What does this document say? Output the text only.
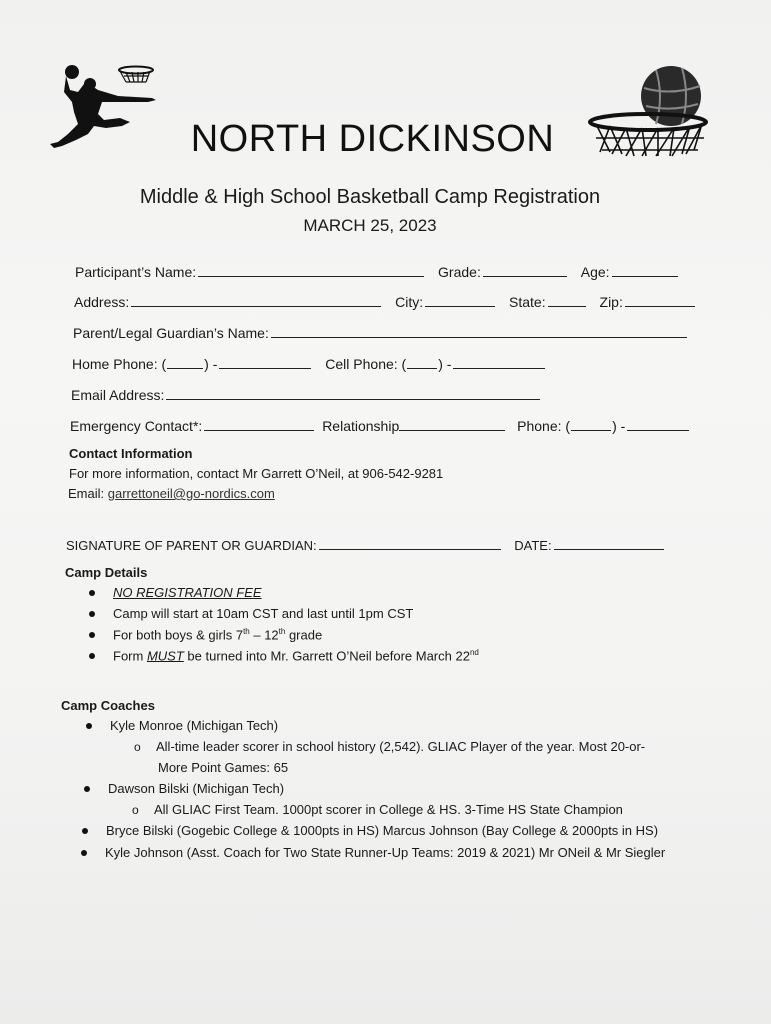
NORTH DICKINSON
Middle & High School Basketball Camp Registration
MARCH 25, 2023
Participant’s Name:	Grade:	Age:
Address:	City:	State:	Zip:
Parent/Legal Guardian’s Name:
Home Phone: (	) -	Cell Phone: ( ) -
Email Address:
Emergency Contact*:	Relationship	Phone: (	) -
Contact Information
For more information, contact Mr Garrett O’Neil, at 906-542-9281
Email: garrettoneil@go-nordics.com
SIGNATURE OF PARENT OR GUARDIAN:	DATE:
Camp Details
NO REGISTRATION FEE
Camp will start at 10am CST and last until 1pm CST
For both boys & girls 7th – 12th grade
Form MUST be turned into Mr. Garrett O’Neil before March 22nd
Camp Coaches
Kyle Monroe (Michigan Tech)
o All-time leader scorer in school history (2,542). GLIAC Player of the year. Most 20-or-
More Point Games: 65
Dawson Bilski (Michigan Tech)
o All GLIAC First Team. 1000pt scorer in College & HS. 3-Time HS State Champion
Bryce Bilski (Gogebic College & 1000pts in HS) Marcus Johnson (Bay College & 2000pts in HS)
Kyle Johnson (Asst. Coach for Two State Runner-Up Teams: 2019 & 2021) Mr ONeil & Mr Siegler
